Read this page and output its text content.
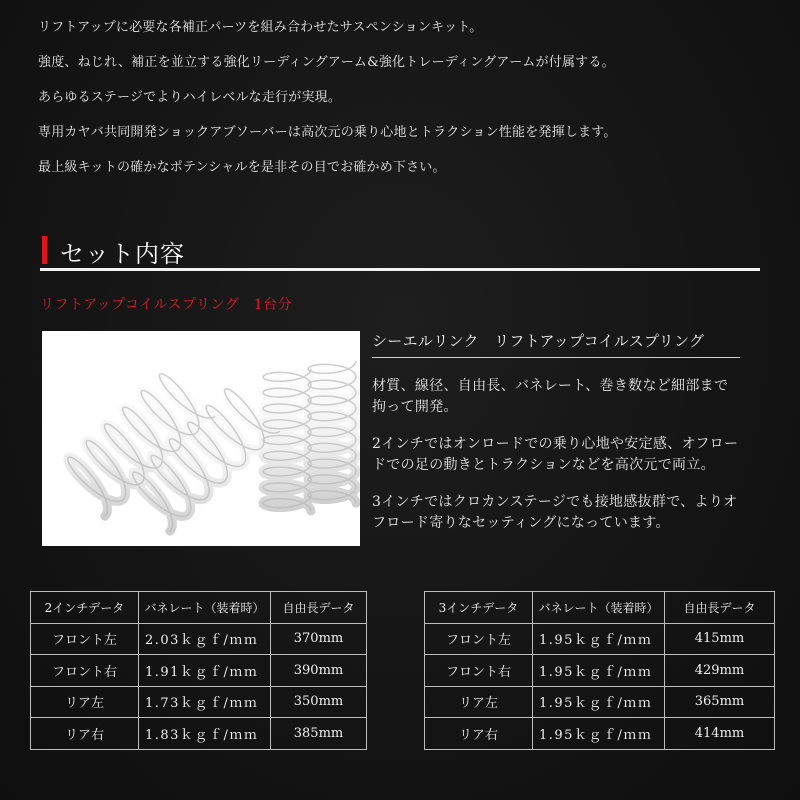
リフトアップに必要な各補正パーツを組み合わせたサスペンションキット。

強度、ねじれ、補正を並立する強化リーディングアーム&強化トレーディングアームが付属する。

あらゆるステージでよりハイレベルな走行が実現。

専用カヤバ共同開発ショックアブソーバーは高次元の乗り心地とトラクション性能を発揮します。

最上級キットの確かなポテンシャルを是非その目でお確かめ下さい。

セット内容
リフトアップコイルスプリング　1台分
シーエルリンク　リフトアップコイルスプリング

材質、線径、自由長、バネレート、巻き数など細部まで拘って開発。

2インチではオンロードでの乗り心地や安定感、オフロードでの足の動きとトラクションなどを高次元で両立。

3インチではクロカンステージでも接地感抜群で、よりオフロード寄りなセッティングになっています。

2インチデータ	バネレート（装着時）	自由長データ
フロント左	2.03ｋｇｆ/ｍｍ	370mm
フロント右	1.91ｋｇｆ/ｍｍ	390mm
リア左	1.73ｋｇｆ/ｍｍ	350mm
リア右	1.83ｋｇｆ/ｍｍ	385mm
3インチデータ	バネレート（装着時）	自由長データ
フロント左	1.95ｋｇｆ/ｍｍ	415mm
フロント右	1.95ｋｇｆ/ｍｍ	429mm
リア左	1.95ｋｇｆ/ｍｍ	365mm
リア右	1.95ｋｇｆ/ｍｍ	414mm
